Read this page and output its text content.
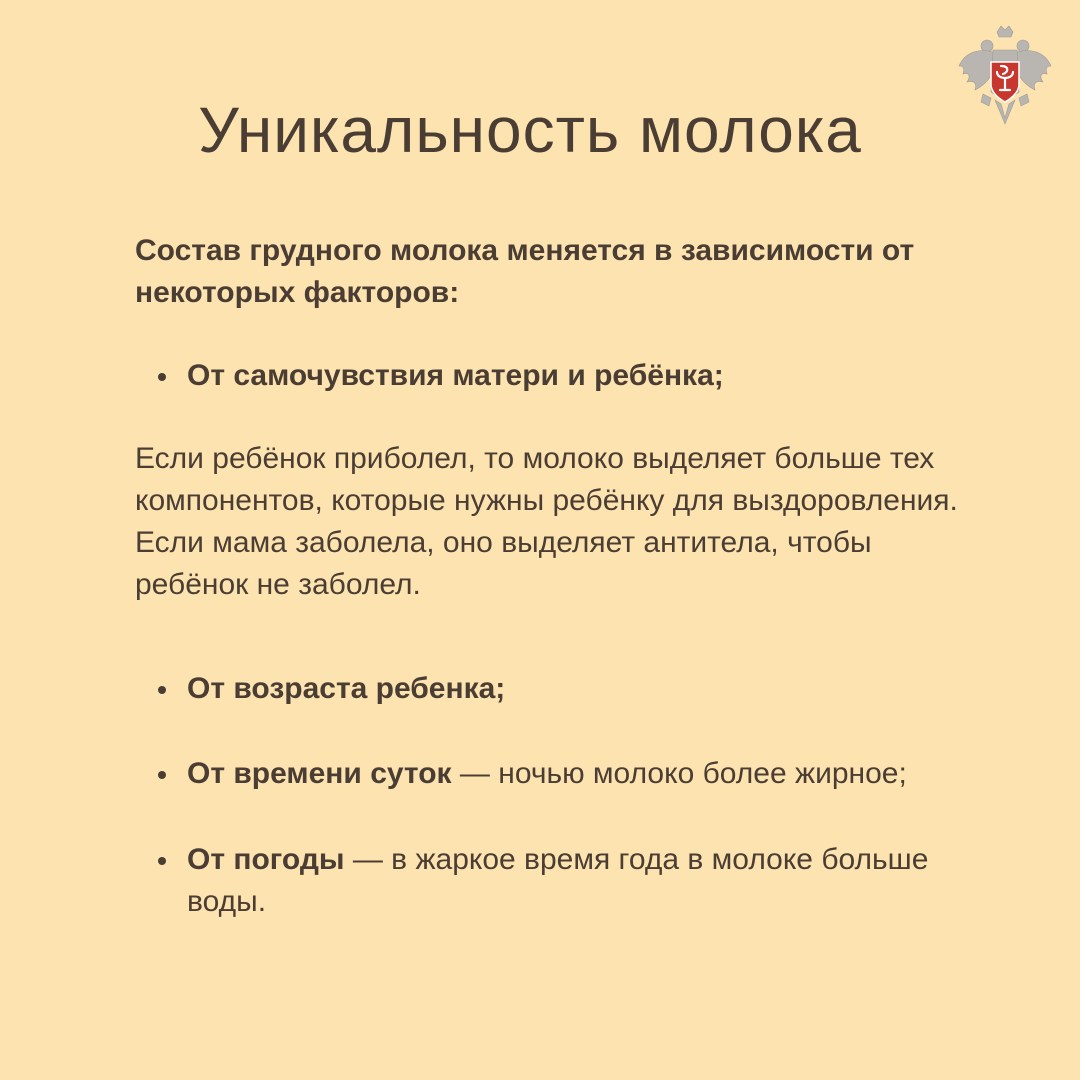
Уникальность молока

Состав грудного молока меняется в зависимости от некоторых факторов:

От самочувствия матери и ребёнка;

Если ребёнок приболел, то молоко выделяет больше тех компонентов, которые нужны ребёнку для выздоровления. Если мама заболела, оно выделяет антитела, чтобы ребёнок не заболел.

От возраста ребенка;
От времени суток — ночью молоко более жирное;
От погоды — в жаркое время года в молоке больше воды.
